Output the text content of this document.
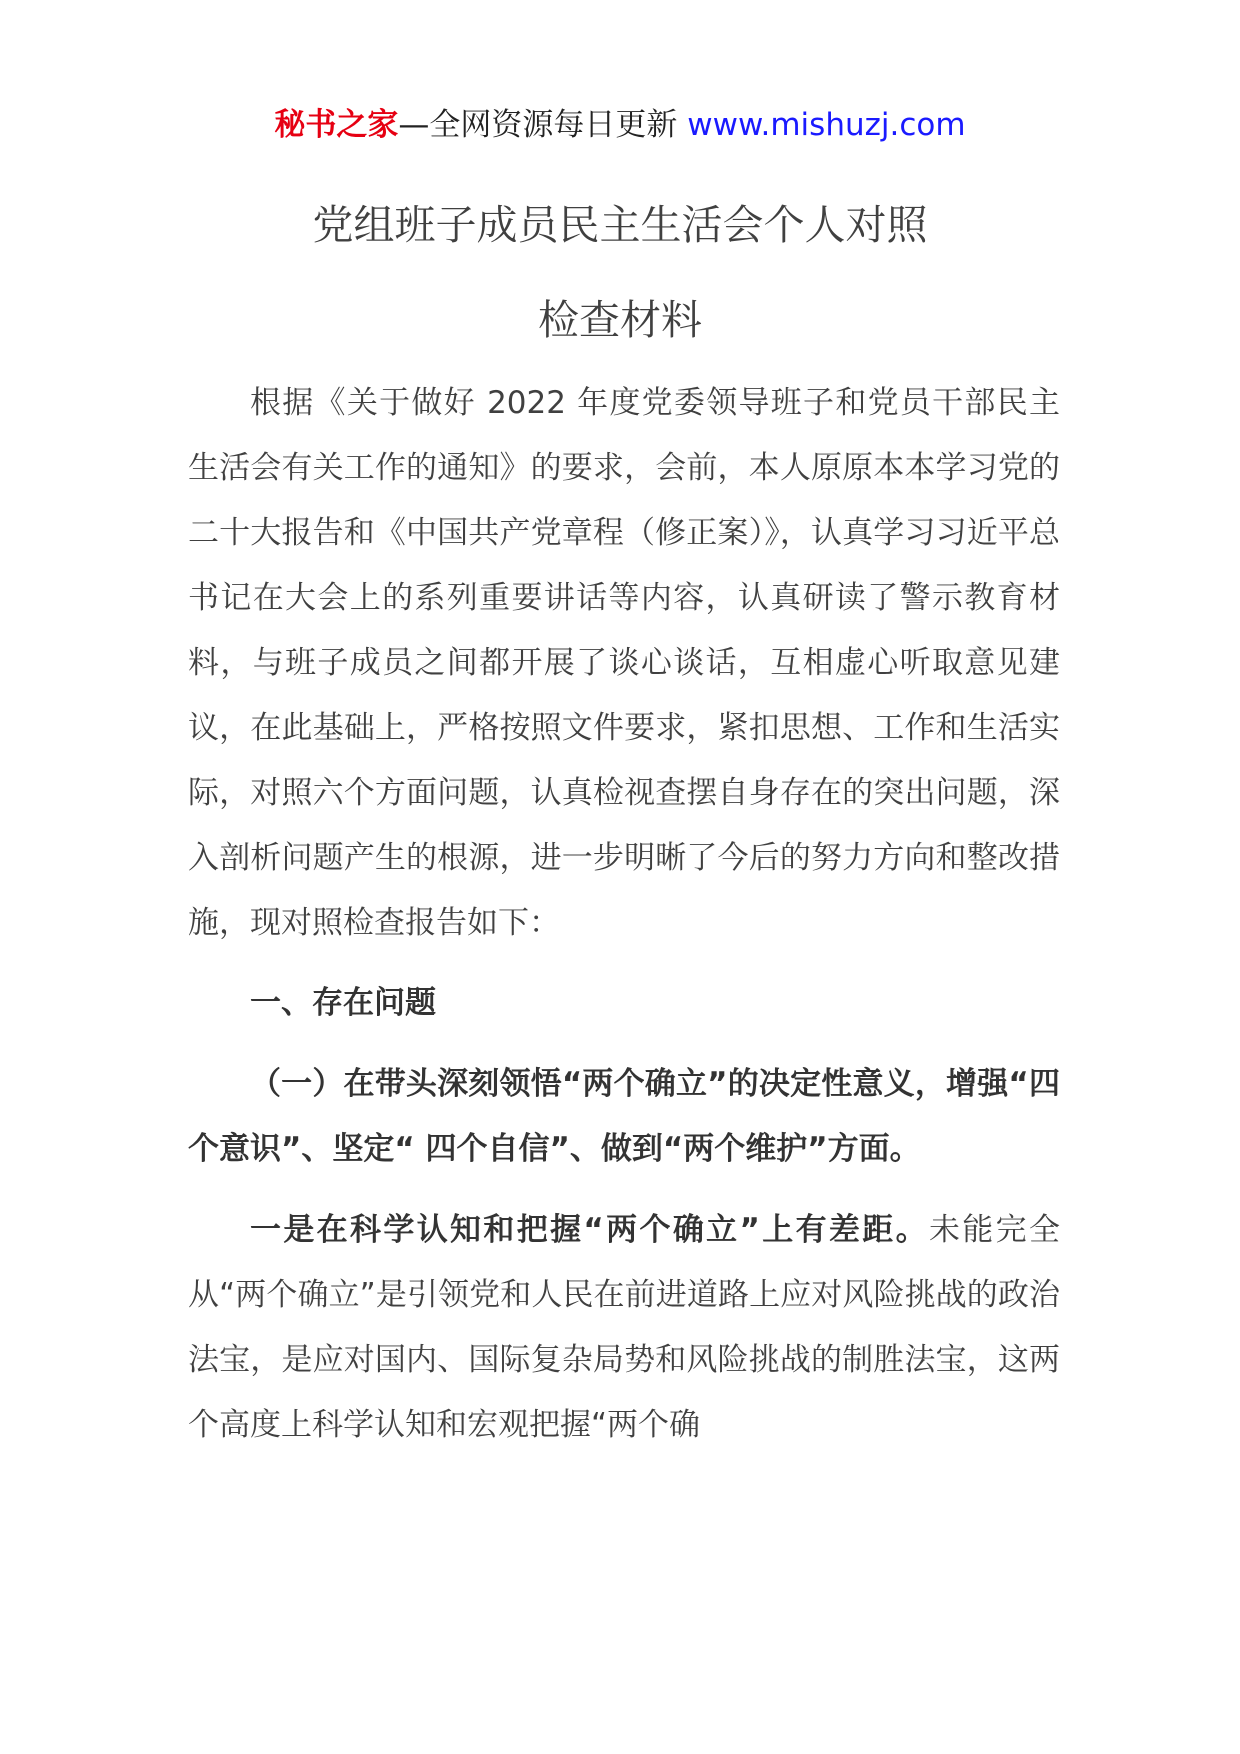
秘书之家—全网资源每日更新 www.mishuzj.com
党组班子成员民主生活会个人对照
检查材料

根据《关于做好 2022 年度党委领导班子和党员干部民主生活会有关工作的通知》的要求，会前，本人原原本本学习党的二十大报告和《中国共产党章程（修正案）》，认真学习习近平总书记在大会上的系列重要讲话等内容，认真研读了警示教育材料，与班子成员之间都开展了谈心谈话，互相虚心听取意见建议，在此基础上，严格按照文件要求，紧扣思想、工作和生活实际，对照六个方面问题，认真检视查摆自身存在的突出问题，深入剖析问题产生的根源，进一步明晰了今后的努力方向和整改措施，现对照检查报告如下：

一、存在问题

（一）在带头深刻领悟“两个确立”的决定性意义，增强“四个意识”、坚定“ 四个自信”、做到“两个维护”方面。

一是在科学认知和把握“两个确立”上有差距。未能完全从“两个确立”是引领党和人民在前进道路上应对风险挑战的政治法宝，是应对国内、国际复杂局势和风险挑战的制胜法宝，这两个高度上科学认知和宏观把握“两个确
